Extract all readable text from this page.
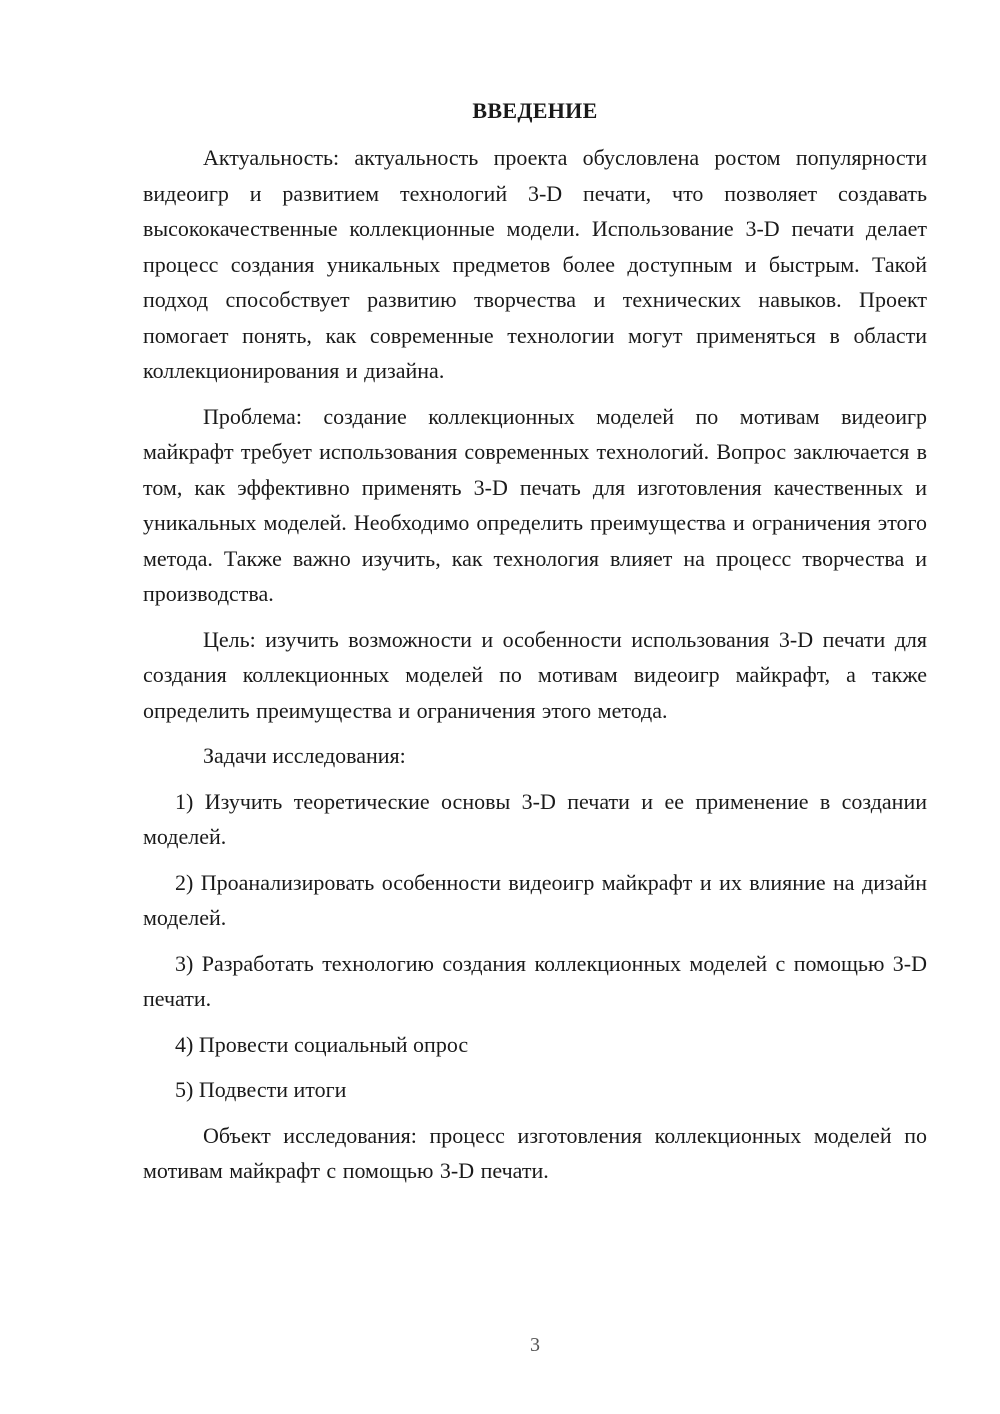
ВВЕДЕНИЕ

Актуальность: актуальность проекта обусловлена ростом популярности видеоигр и развитием технологий 3-D печати, что позволяет создавать высококачественные коллекционные модели. Использование 3-D печати делает процесс создания уникальных предметов более доступным и быстрым. Такой подход способствует развитию творчества и технических навыков. Проект помогает понять, как современные технологии могут применяться в области коллекционирования и дизайна.

Проблема: создание коллекционных моделей по мотивам видеоигр майкрафт требует использования современных технологий. Вопрос заключается в том, как эффективно применять 3-D печать для изготовления качественных и уникальных моделей. Необходимо определить преимущества и ограничения этого метода. Также важно изучить, как технология влияет на процесс творчества и производства.

Цель: изучить возможности и особенности использования 3-D печати для создания коллекционных моделей по мотивам видеоигр майкрафт, а также определить преимущества и ограничения этого метода.

Задачи исследования:

1) Изучить теоретические основы 3-D печати и ее применение в создании моделей.

2) Проанализировать особенности видеоигр майкрафт и их влияние на дизайн моделей.

3) Разработать технологию создания коллекционных моделей с помощью 3-D печати.

4) Провести социальный опрос

5) Подвести итоги

Объект исследования: процесс изготовления коллекционных моделей по мотивам майкрафт с помощью 3-D печати.

3
